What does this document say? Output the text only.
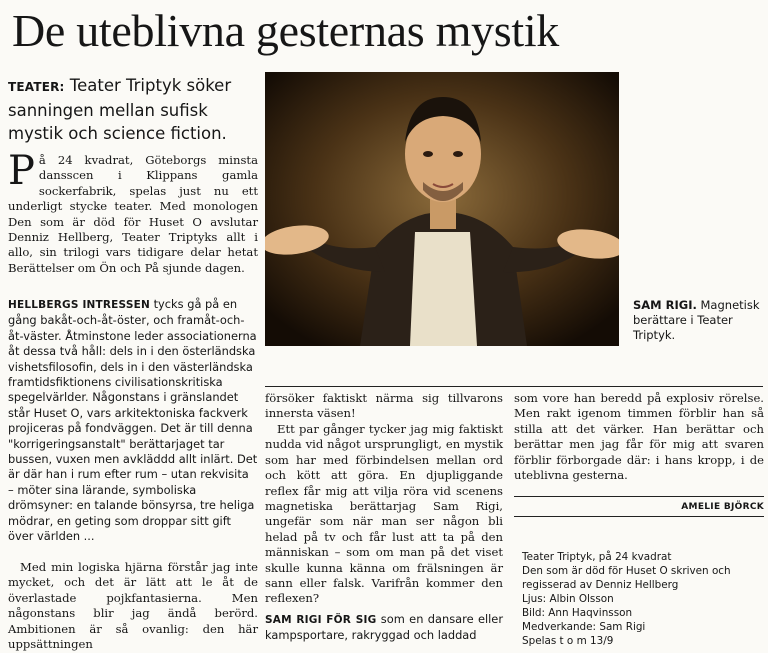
De uteblivna gesternas mystik
TEATER: Teater Triptyk söker sanningen mellan sufisk mystik och science fiction.
På 24 kvadrat, Göteborgs minsta dansscen i Klippans gamla sockerfabrik, spelas just nu ett underligt stycke teater. Med monologen Den som är död för Huset O avslutar Denniz Hellberg, Teater Triptyks allt i allo, sin trilogi vars tidigare delar hetat Berättelser om Ön och På sjunde dagen.
HELLBERGS INTRESSEN tycks gå på en gång bakåt-och-åt-öster, och framåt-och-åt-väster. Åtminstone leder associationerna åt dessa två håll: dels in i den österländska vishetsfilosofin, dels in i den västerländska framtidsfiktionens civilisationskritiska spegelvärlder. Någonstans i gränslandet står Huset O, vars arkitektoniska fackverk projiceras på fondväggen. Det är till denna "korrigeringsanstalt" berättarjaget tar bussen, vuxen men avkläddd allt inlärt. Det är där han i rum efter rum – utan rekvisita – möter sina lärande, symboliska drömsyner: en talande bönsyrsa, tre heliga mödrar, en geting som droppar sitt gift över världen ...
Med min logiska hjärna förstår jag inte mycket, och det är lätt att le åt de överlastade pojkfantasierna. Men någonstans blir jag ändå berörd. Ambitionen är så ovanlig: den här uppsättningen
SAM RIGI. Magnetisk berättare i Teater Triptyk.
försöker faktiskt närma sig tillvarons innersta väsen!
Ett par gånger tycker jag mig faktiskt nudda vid något ursprungligt, en mystik som har med förbindelsen mellan ord och kött att göra. En djupliggande reflex får mig att vilja röra vid scenens magnetiska berättarjag Sam Rigi, ungefär som när man ser någon bli helad på tv och får lust att ta på den människan – som om man på det viset skulle kunna känna om frälsningen är sann eller falsk. Varifrån kommer den reflexen?
SAM RIGI FÖR SIG som en dansare eller kampsportare, rakryggad och laddad
som vore han beredd på explosiv rörelse. Men rakt igenom timmen förblir han så stilla att det värker. Han berättar och berättar men jag får för mig att svaren förblir förborgade där: i hans kropp, i de uteblivna gesterna.
AMELIE BJÖRCK
Teater Triptyk, på 24 kvadrat
Den som är död för Huset O skriven och regisserad av Denniz Hellberg
Ljus: Albin Olsson
Bild: Ann Haqvinsson
Medverkande: Sam Rigi
Spelas t o m 13/9
